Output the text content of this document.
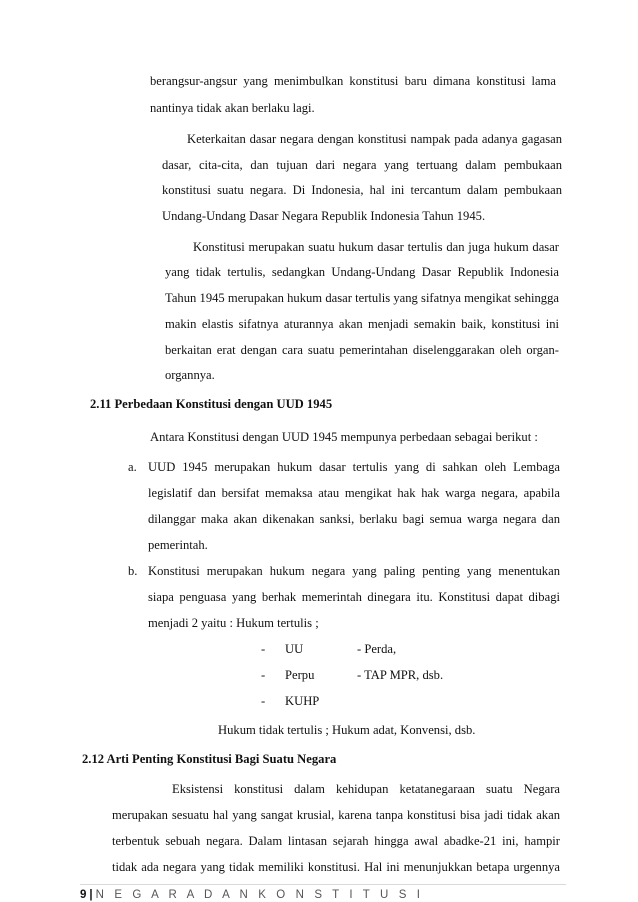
berangsur-angsur yang menimbulkan konstitusi baru dimana konstitusi lama
nantinya tidak akan berlaku lagi.
Keterkaitan dasar negara dengan konstitusi nampak pada adanya gagasan
dasar, cita-cita, dan tujuan dari negara yang tertuang dalam pembukaan
konstitusi suatu negara. Di Indonesia, hal ini tercantum dalam pembukaan
Undang-Undang Dasar Negara Republik Indonesia Tahun 1945.
Konstitusi merupakan suatu hukum dasar tertulis dan juga hukum dasar
yang tidak tertulis, sedangkan Undang-Undang Dasar Republik Indonesia
Tahun 1945 merupakan hukum dasar tertulis yang sifatnya mengikat sehingga
makin elastis sifatnya aturannya akan menjadi semakin baik, konstitusi ini
berkaitan erat dengan cara suatu pemerintahan diselenggarakan oleh organ-
organnya.
2.11 Perbedaan Konstitusi dengan UUD 1945
Antara Konstitusi dengan UUD 1945 mempunya perbedaan sebagai berikut :
a. UUD 1945 merupakan hukum dasar tertulis yang di sahkan oleh Lembaga
legislatif dan bersifat memaksa atau mengikat hak hak warga negara, apabila
dilanggar maka akan dikenakan sanksi, berlaku bagi semua warga negara dan
pemerintah.
b. Konstitusi merupakan hukum negara yang paling penting yang menentukan
siapa penguasa yang berhak memerintah dinegara itu. Konstitusi dapat dibagi
menjadi 2 yaitu : Hukum tertulis ;
- UU	- Perda,
- Perpu	- TAP MPR, dsb.
- KUHP
Hukum tidak tertulis ; Hukum adat, Konvensi, dsb.
2.12 Arti Penting Konstitusi Bagi Suatu Negara
Eksistensi konstitusi dalam kehidupan ketatanegaraan suatu Negara
merupakan sesuatu hal yang sangat krusial, karena tanpa konstitusi bisa jadi tidak akan
terbentuk sebuah negara. Dalam lintasan sejarah hingga awal abadke-21 ini, hampir
tidak ada negara yang tidak memiliki konstitusi. Hal ini menunjukkan betapa urgennya
9 | N E G A R A D A N K O N S T I T U S I
